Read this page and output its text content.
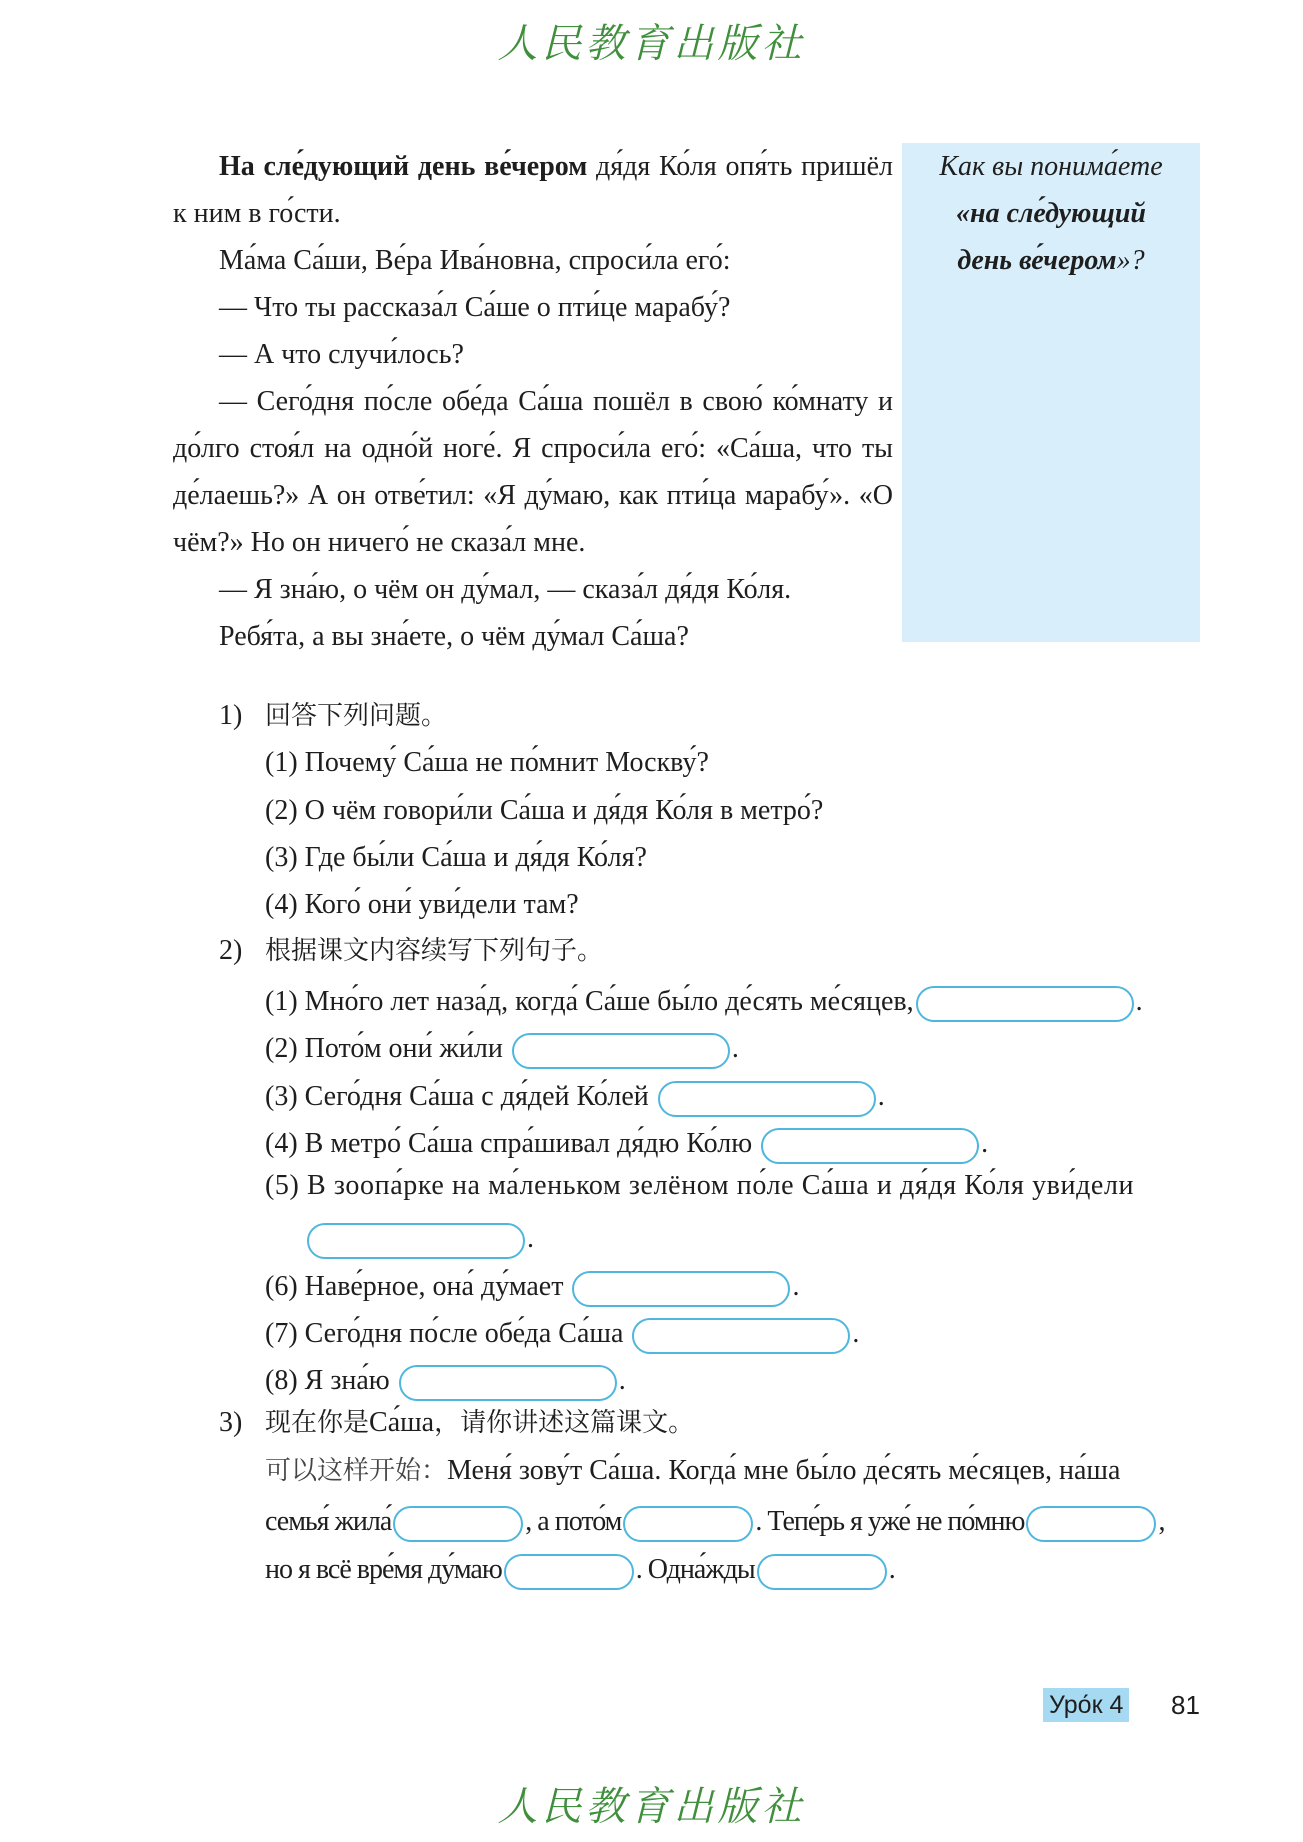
人民教育出版社

На сле́дующий день ве́чером дя́дя Ко́ля опя́ть пришёл к ним в го́сти.

Ма́ма Са́ши, Ве́ра Ива́новна, спроси́ла его́:

— Что ты рассказа́л Са́ше о пти́це марабу́?

— А что случи́лось?

— Сего́дня по́сле обе́да Са́ша пошёл в свою́ ко́мнату и до́лго стоя́л на одно́й ноге́. Я спроси́ла его́: «Са́ша, что ты де́лаешь?» А он отве́тил: «Я ду́маю, как пти́ца марабу́». «О чём?» Но он ничего́ не сказа́л мне.

— Я зна́ю, о чём он ду́мал, — сказа́л дя́дя Ко́ля.

Ребя́та, а вы зна́ете, о чём ду́мал Са́ша?

Как вы понима́ете
«на сле́дующий
день ве́чером»?
1) 回答下列问题。
(1) Почему́ Са́ша не по́мнит Москву́?
(2) О чём говори́ли Са́ша и дя́дя Ко́ля в метро́?
(3) Где бы́ли Са́ша и дя́дя Ко́ля?
(4) Кого́ они́ уви́дели там?
2) 根据课文内容续写下列句子。
(1) Мно́го лет наза́д, когда́ Са́ше бы́ло де́сять ме́сяцев,	.
(2) Пото́м они́ жи́ли	.
(3) Сего́дня Са́ша с дя́дей Ко́лей	.
(4) В метро́ Са́ша спра́шивал дя́дю Ко́лю	.
(5) В зоопа́рке на ма́леньком зелёном по́ле Са́ша и дя́дя Ко́ля уви́дели
.
(6) Наве́рное, она́ ду́мает	.
(7) Сего́дня по́сле обе́да Са́ша	.
(8) Я зна́ю	.
3) 现在你是Са́ша，请你讲述这篇课文。
可以这样开始：Меня́ зову́т Са́ша. Когда́ мне бы́ло де́сять ме́сяцев, на́ша
семья́ жила́	, а пото́м	. Тепе́рь я уже́ не по́мню	,
но я всё вре́мя ду́маю	. Одна́жды	.
Уро́к 4 81
人民教育出版社
